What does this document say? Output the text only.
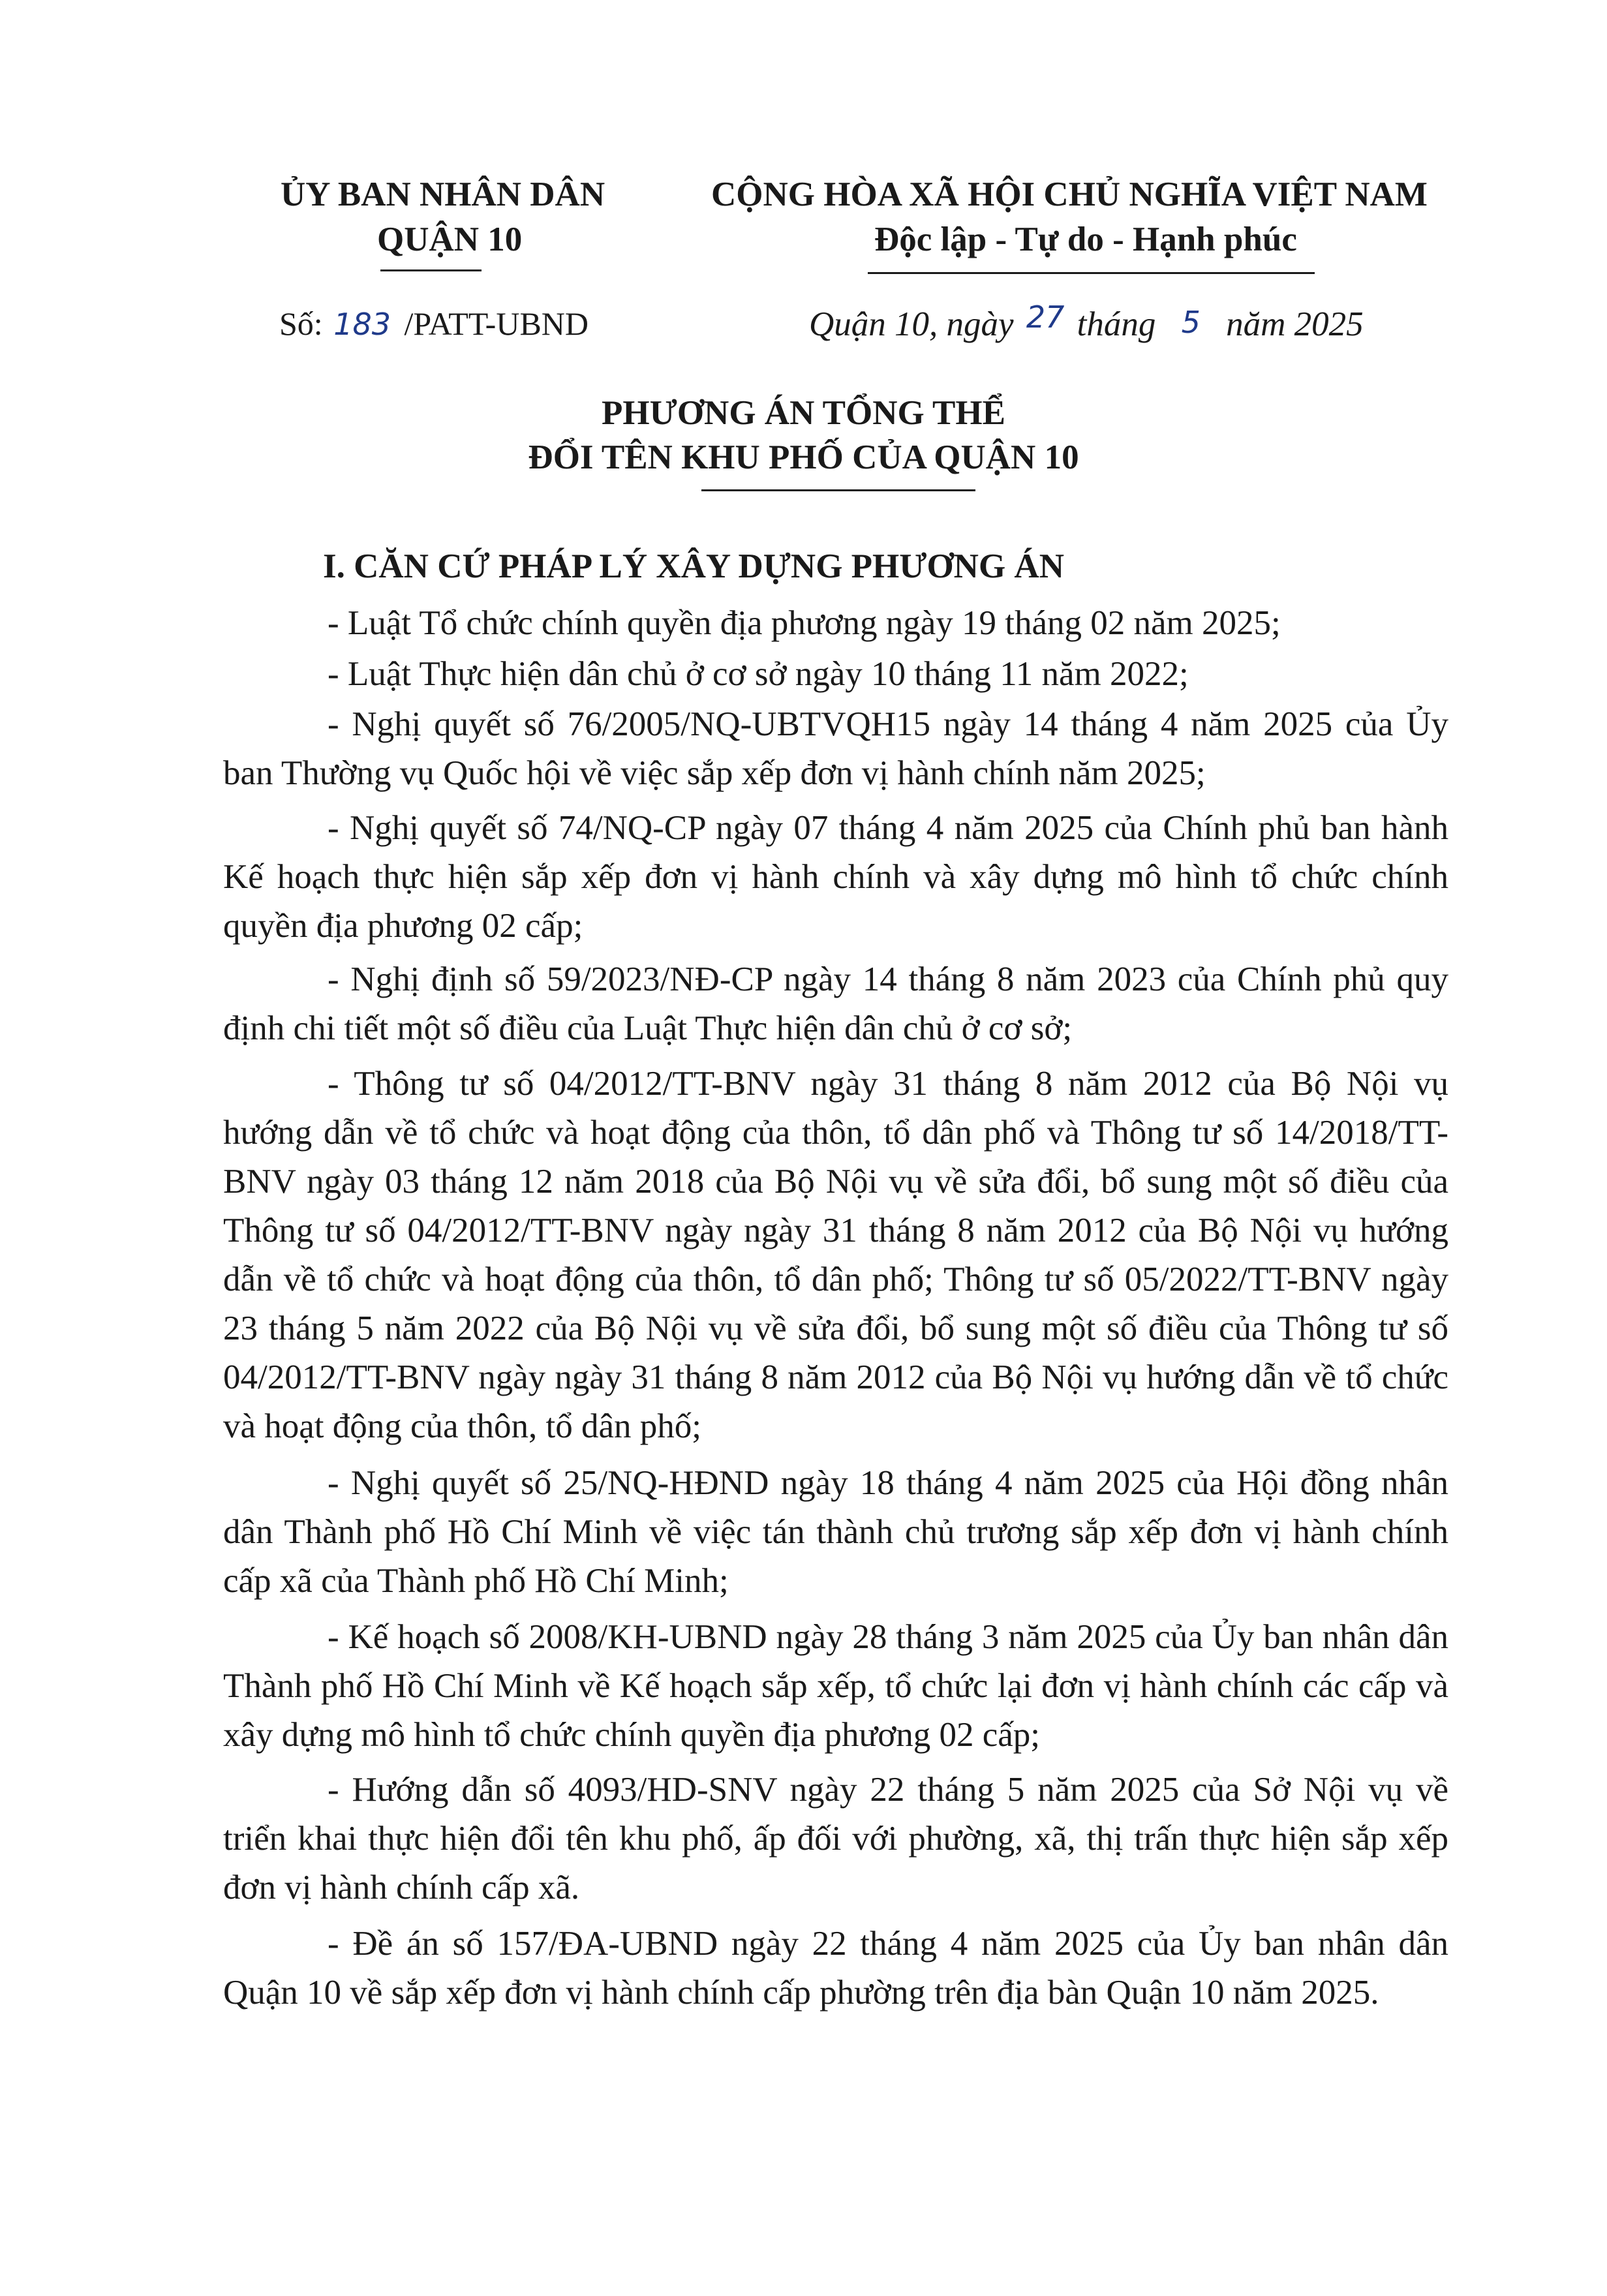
ỦY BAN NHÂN DÂN
QUẬN 10
CỘNG HÒA XÃ HỘI CHỦ NGHĨA VIỆT NAM
Độc lập - Tự do - Hạnh phúc
Số: 183 /PATT-UBND	Quận 10, ngày 27 tháng 5 năm 2025
PHƯƠNG ÁN TỔNG THỂ
ĐỔI TÊN KHU PHỐ CỦA QUẬN 10
I. CĂN CỨ PHÁP LÝ XÂY DỰNG PHƯƠNG ÁN

- Luật Tổ chức chính quyền địa phương ngày 19 tháng 02 năm 2025;

- Luật Thực hiện dân chủ ở cơ sở ngày 10 tháng 11 năm 2022;

- Nghị quyết số 76/2005/NQ-UBTVQH15 ngày 14 tháng 4 năm 2025 của Ủy ban Thường vụ Quốc hội về việc sắp xếp đơn vị hành chính năm 2025;

- Nghị quyết số 74/NQ-CP ngày 07 tháng 4 năm 2025 của Chính phủ ban hành Kế hoạch thực hiện sắp xếp đơn vị hành chính và xây dựng mô hình tổ chức chính quyền địa phương 02 cấp;

- Nghị định số 59/2023/NĐ-CP ngày 14 tháng 8 năm 2023 của Chính phủ quy định chi tiết một số điều của Luật Thực hiện dân chủ ở cơ sở;

- Thông tư số 04/2012/TT-BNV ngày 31 tháng 8 năm 2012 của Bộ Nội vụ hướng dẫn về tổ chức và hoạt động của thôn, tổ dân phố và Thông tư số 14/2018/TT-BNV ngày 03 tháng 12 năm 2018 của Bộ Nội vụ về sửa đổi, bổ sung một số điều của Thông tư số 04/2012/TT-BNV ngày ngày 31 tháng 8 năm 2012 của Bộ Nội vụ hướng dẫn về tổ chức và hoạt động của thôn, tổ dân phố; Thông tư số 05/2022/TT-BNV ngày 23 tháng 5 năm 2022 của Bộ Nội vụ về sửa đổi, bổ sung một số điều của Thông tư số 04/2012/TT-BNV ngày ngày 31 tháng 8 năm 2012 của Bộ Nội vụ hướng dẫn về tổ chức và hoạt động của thôn, tổ dân phố;

- Nghị quyết số 25/NQ-HĐND ngày 18 tháng 4 năm 2025 của Hội đồng nhân dân Thành phố Hồ Chí Minh về việc tán thành chủ trương sắp xếp đơn vị hành chính cấp xã của Thành phố Hồ Chí Minh;

- Kế hoạch số 2008/KH-UBND ngày 28 tháng 3 năm 2025 của Ủy ban nhân dân Thành phố Hồ Chí Minh về Kế hoạch sắp xếp, tổ chức lại đơn vị hành chính các cấp và xây dựng mô hình tổ chức chính quyền địa phương 02 cấp;

- Hướng dẫn số 4093/HD-SNV ngày 22 tháng 5 năm 2025 của Sở Nội vụ về triển khai thực hiện đổi tên khu phố, ấp đối với phường, xã, thị trấn thực hiện sắp xếp đơn vị hành chính cấp xã.

- Đề án số 157/ĐA-UBND ngày 22 tháng 4 năm 2025 của Ủy ban nhân dân Quận 10 về sắp xếp đơn vị hành chính cấp phường trên địa bàn Quận 10 năm 2025.
